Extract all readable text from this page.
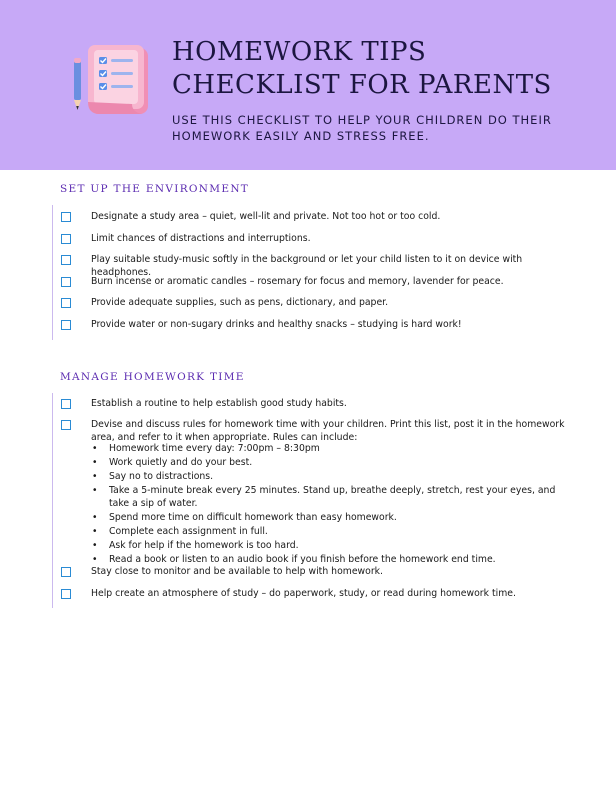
HOMEWORK TIPS
CHECKLIST FOR PARENTS
USE THIS CHECKLIST TO HELP YOUR CHILDREN DO THEIR HOMEWORK EASILY AND STRESS FREE.
SET UP THE ENVIRONMENT
Designate a study area – quiet, well-lit and private. Not too hot or too cold.
Limit chances of distractions and interruptions.
Play suitable study-music softly in the background or let your child listen to it on device with headphones.
Burn incense or aromatic candles – rosemary for focus and memory, lavender for peace.
Provide adequate supplies, such as pens, dictionary, and paper.
Provide water or non-sugary drinks and healthy snacks – studying is hard work!
MANAGE HOMEWORK TIME
Establish a routine to help establish good study habits.
Devise and discuss rules for homework time with your children. Print this list, post it in the homework area, and refer to it when appropriate. Rules can include:
• Homework time every day: 7:00pm – 8:30pm
• Work quietly and do your best.
• Say no to distractions.
• Take a 5-minute break every 25 minutes. Stand up, breathe deeply, stretch, rest your eyes, and take a sip of water.
• Spend more time on difficult homework than easy homework.
• Complete each assignment in full.
• Ask for help if the homework is too hard.
• Read a book or listen to an audio book if you finish before the homework end time.
Stay close to monitor and be available to help with homework.
Help create an atmosphere of study – do paperwork, study, or read during homework time.
